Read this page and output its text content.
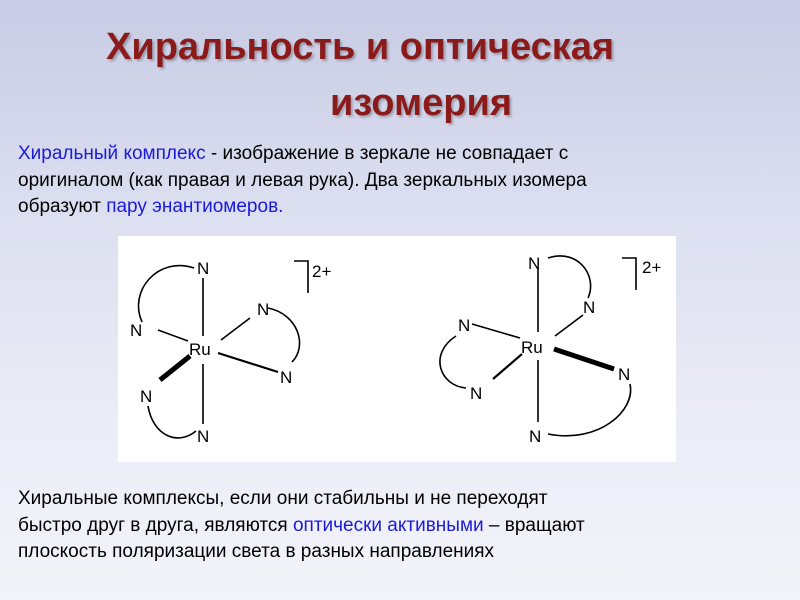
Хиральность и оптическая
изомерия
Хиральный комплекс - изображение в зеркале не совпадает с
оригиналом (как правая и левая рука). Два зеркальных изомера
образуют пару энантиомеров.
N
N
N
Ru
N
N
N
2+	N
N
N
Ru
N
N
N
2+
Хиральные комплексы, если они стабильны и не переходят
быстро друг в друга, являются оптически активными – вращают
плоскость поляризации света в разных направлениях
